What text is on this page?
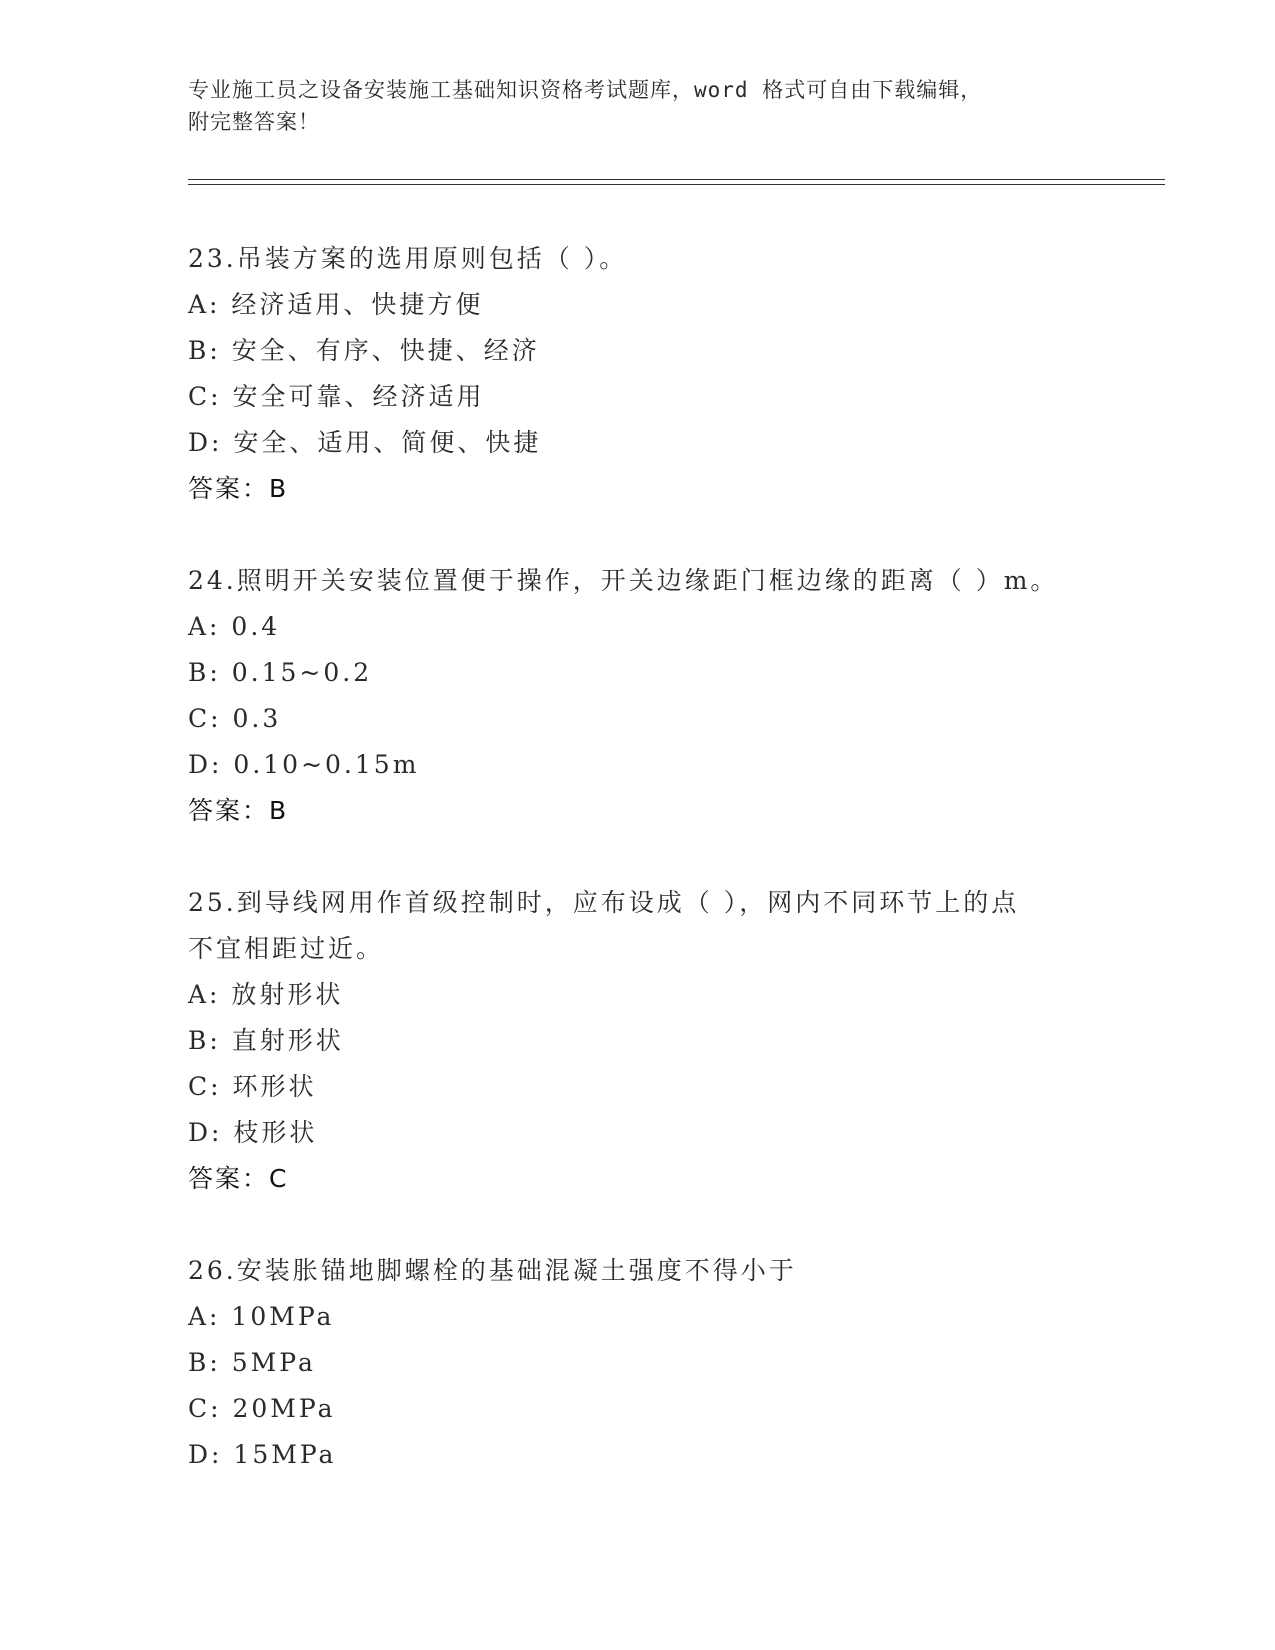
专业施工员之设备安装施工基础知识资格考试题库，word 格式可自由下载编辑，
附完整答案！
23.吊装方案的选用原则包括（ ）。
A: 经济适用、快捷方便
B: 安全、有序、快捷、经济
C: 安全可靠、经济适用
D: 安全、适用、简便、快捷
答案：B
24.照明开关安装位置便于操作，开关边缘距门框边缘的距离（ ）m。
A: 0.4
B: 0.15~0.2
C: 0.3
D: 0.10~0.15m
答案：B
25.到导线网用作首级控制时，应布设成（ ），网内不同环节上的点
不宜相距过近。
A: 放射形状
B: 直射形状
C: 环形状
D: 枝形状
答案：C
26.安装胀锚地脚螺栓的基础混凝土强度不得小于
A: 10MPa
B: 5MPa
C: 20MPa
D: 15MPa
